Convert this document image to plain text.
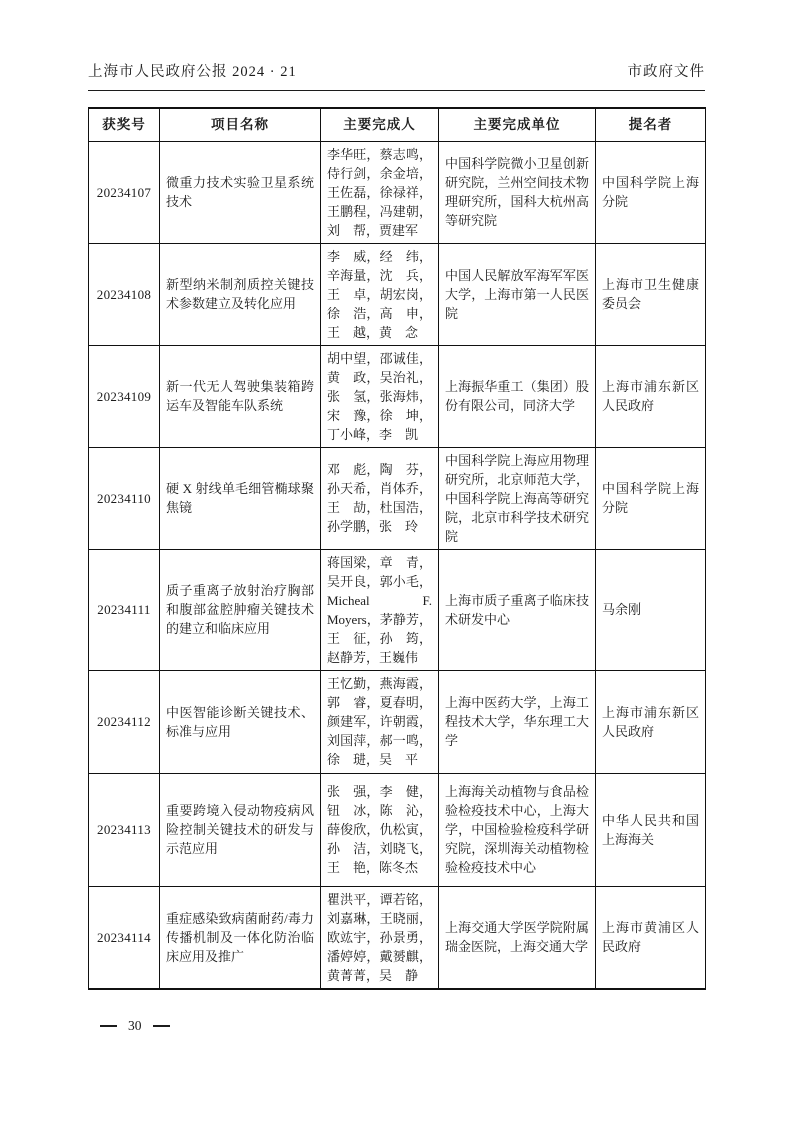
上海市人民政府公报 2024 · 21	市政府文件
获奖号	项目名称	主要完成人	主要完成单位	提名者
20234107	微重力技术实验卫星系统技术	李华旺，蔡志鸣，侍行剑，余金培，王佐磊，徐禄祥，王鹏程，冯建朝，刘　帮，贾建军	中国科学院微小卫星创新研究院，兰州空间技术物理研究所，国科大杭州高等研究院	中国科学院上海分院
20234108	新型纳米制剂质控关键技术参数建立及转化应用	李　威，经　纬，辛海量，沈　兵，王　卓，胡宏岗，徐　浩，高　申，王　越，黄　念	中国人民解放军海军军医大学，上海市第一人民医院	上海市卫生健康委员会
20234109	新一代无人驾驶集装箱跨运车及智能车队系统	胡中望，邵诚佳，黄　政，吴治礼，张　氢，张海炜，宋　豫，徐　坤，丁小峰，李　凯	上海振华重工（集团）股份有限公司，同济大学	上海市浦东新区人民政府
20234110	硬 X 射线单毛细管椭球聚焦镜	邓　彪，陶　芬，孙天希，肖体乔，王　劼，杜国浩，孙学鹏，张　玲	中国科学院上海应用物理研究所，北京师范大学，中国科学院上海高等研究院，北京市科学技术研究院	中国科学院上海分院
20234111	质子重离子放射治疗胸部和腹部盆腔肿瘤关键技术的建立和临床应用	蒋国梁，章　青，吴开良，郭小毛，Micheal F. Moyers，茅静芳，王　征，孙　筠，赵静芳，王巍伟	上海市质子重离子临床技术研发中心	马余刚
20234112	中医智能诊断关键技术、标准与应用	王忆勤，燕海霞，郭　睿，夏春明，颜建军，许朝霞，刘国萍，郝一鸣，徐　琎，吴　平	上海中医药大学，上海工程技术大学，华东理工大学	上海市浦东新区人民政府
20234113	重要跨境入侵动物疫病风险控制关键技术的研发与示范应用	张　强，李　健，钮　冰，陈　沁，薛俊欣，仇松寅，孙　洁，刘晓飞，王　艳，陈冬杰	上海海关动植物与食品检验检疫技术中心，上海大学，中国检验检疫科学研究院，深圳海关动植物检验检疫技术中心	中华人民共和国上海海关
20234114	重症感染致病菌耐药/毒力传播机制及一体化防治临床应用及推广	瞿洪平，谭若铭，刘嘉琳，王晓丽，欧竑宇，孙景勇，潘婷婷，戴赟麒，黄菁菁，吴　静	上海交通大学医学院附属瑞金医院，上海交通大学	上海市黄浦区人民政府
30
